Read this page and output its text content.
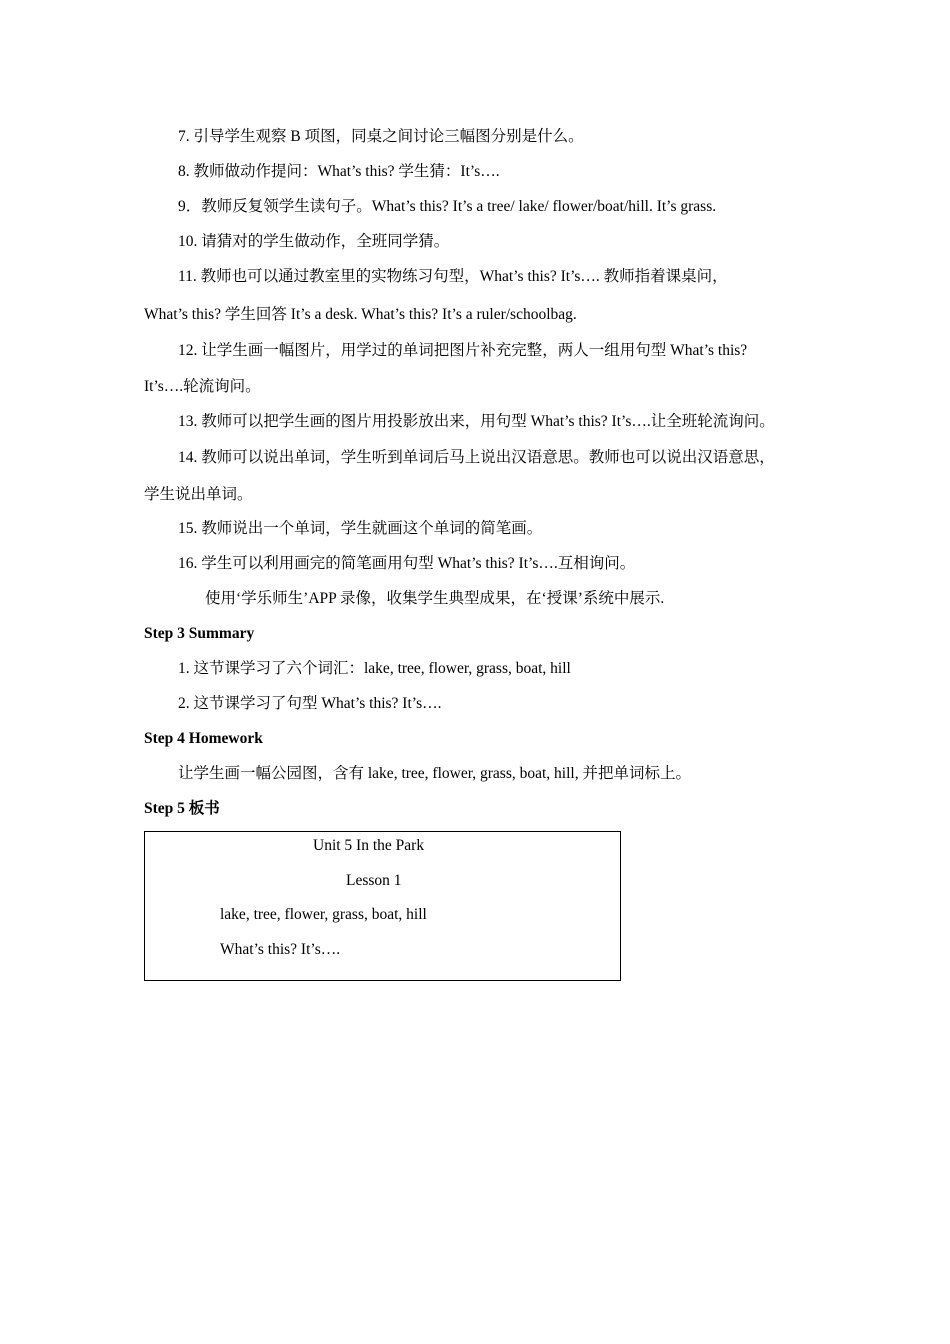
7. 引导学生观察 B 项图，同桌之间讨论三幅图分别是什么。
8. 教师做动作提问：What’s this? 学生猜：It’s….
9．教师反复领学生读句子。What’s this? It’s a tree/ lake/ flower/boat/hill. It’s grass.
10. 请猜对的学生做动作，全班同学猜。
11. 教师也可以通过教室里的实物练习句型，What’s this? It’s…. 教师指着课桌问，
What’s this? 学生回答 It’s a desk. What’s this? It’s a ruler/schoolbag.
12. 让学生画一幅图片，用学过的单词把图片补充完整，两人一组用句型 What’s this?
It’s….轮流询问。
13. 教师可以把学生画的图片用投影放出来，用句型 What’s this? It’s….让全班轮流询问。
14. 教师可以说出单词，学生听到单词后马上说出汉语意思。教师也可以说出汉语意思，
学生说出单词。
15. 教师说出一个单词，学生就画这个单词的简笔画。
16. 学生可以利用画完的简笔画用句型 What’s this? It’s….互相询问。
使用‘学乐师生’APP 录像，收集学生典型成果，在‘授课’系统中展示.
Step 3 Summary
1. 这节课学习了六个词汇：lake, tree, flower, grass, boat, hill
2. 这节课学习了句型 What’s this? It’s….
Step 4 Homework
让学生画一幅公园图，含有 lake, tree, flower, grass, boat, hill, 并把单词标上。
Step 5 板书
Unit 5 In the Park
Lesson 1
lake, tree, flower, grass, boat, hill
What’s this? It’s….
